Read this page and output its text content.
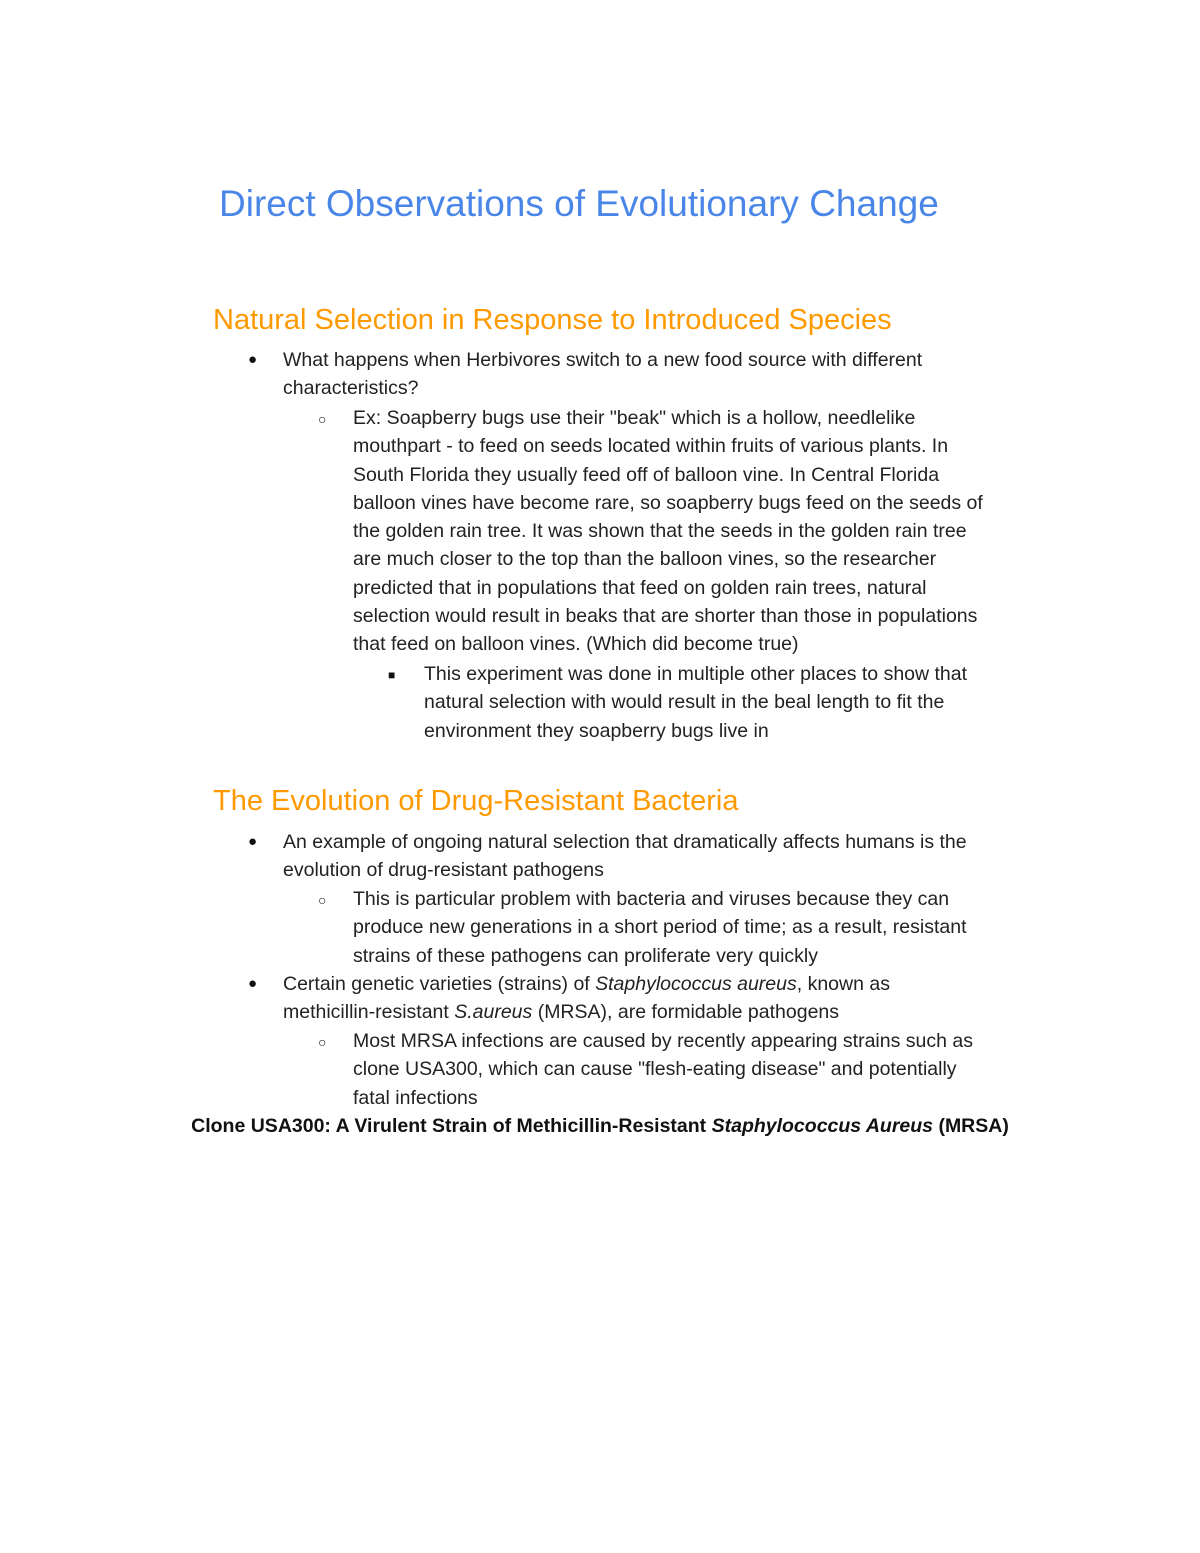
Direct Observations of Evolutionary Change
Natural Selection in Response to Introduced Species
● What happens when Herbivores switch to a new food source with different
characteristics?
○ Ex: Soapberry bugs use their "beak" which is a hollow, needlelike
mouthpart - to feed on seeds located within fruits of various plants. In
South Florida they usually feed off of balloon vine. In Central Florida
balloon vines have become rare, so soapberry bugs feed on the seeds of
the golden rain tree. It was shown that the seeds in the golden rain tree
are much closer to the top than the balloon vines, so the researcher
predicted that in populations that feed on golden rain trees, natural
selection would result in beaks that are shorter than those in populations
that feed on balloon vines. (Which did become true)
■ This experiment was done in multiple other places to show that
natural selection with would result in the beal length to fit the
environment they soapberry bugs live in
The Evolution of Drug-Resistant Bacteria
● An example of ongoing natural selection that dramatically affects humans is the
evolution of drug-resistant pathogens
○ This is particular problem with bacteria and viruses because they can
produce new generations in a short period of time; as a result, resistant
strains of these pathogens can proliferate very quickly
● Certain genetic varieties (strains) of Staphylococcus aureus, known as
methicillin-resistant S.aureus (MRSA), are formidable pathogens
○ Most MRSA infections are caused by recently appearing strains such as
clone USA300, which can cause "flesh-eating disease" and potentially
fatal infections
Clone USA300: A Virulent Strain of Methicillin-Resistant Staphylococcus Aureus (MRSA)
